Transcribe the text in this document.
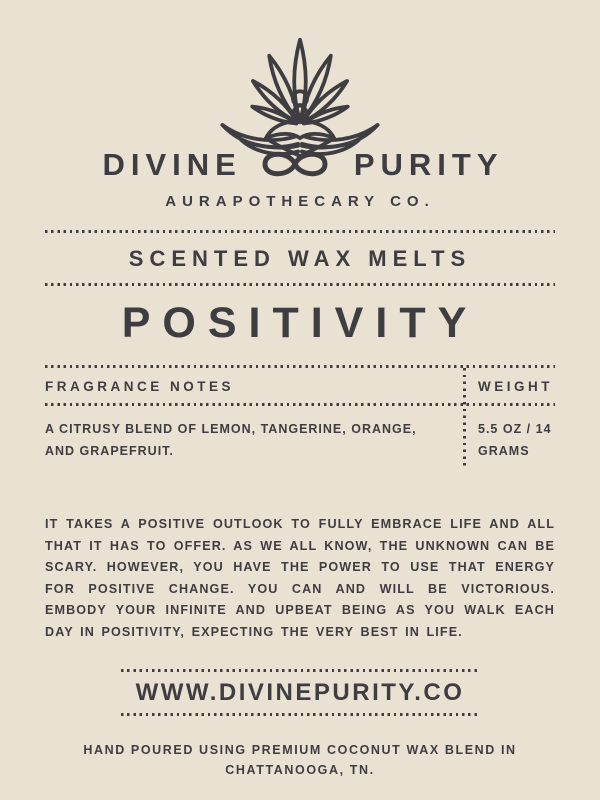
DIVINE	PURITY
AURAPOTHECARY CO.
SCENTED WAX MELTS
POSITIVITY
FRAGRANCE NOTES	WEIGHT
A CITRUSY BLEND OF LEMON, TANGERINE, ORANGE, AND GRAPEFRUIT.
5.5 OZ / 14 GRAMS

IT TAKES A POSITIVE OUTLOOK TO FULLY EMBRACE LIFE AND ALL THAT IT HAS TO OFFER. AS WE ALL KNOW, THE UNKNOWN CAN BE SCARY. HOWEVER, YOU HAVE THE POWER TO USE THAT ENERGY FOR POSITIVE CHANGE. YOU CAN AND WILL BE VICTORIOUS. EMBODY YOUR INFINITE AND UPBEAT BEING AS YOU WALK EACH DAY IN POSITIVITY, EXPECTING THE VERY BEST IN LIFE.

WWW.DIVINEPURITY.CO

HAND POURED USING PREMIUM COCONUT WAX BLEND IN CHATTANOOGA, TN.
